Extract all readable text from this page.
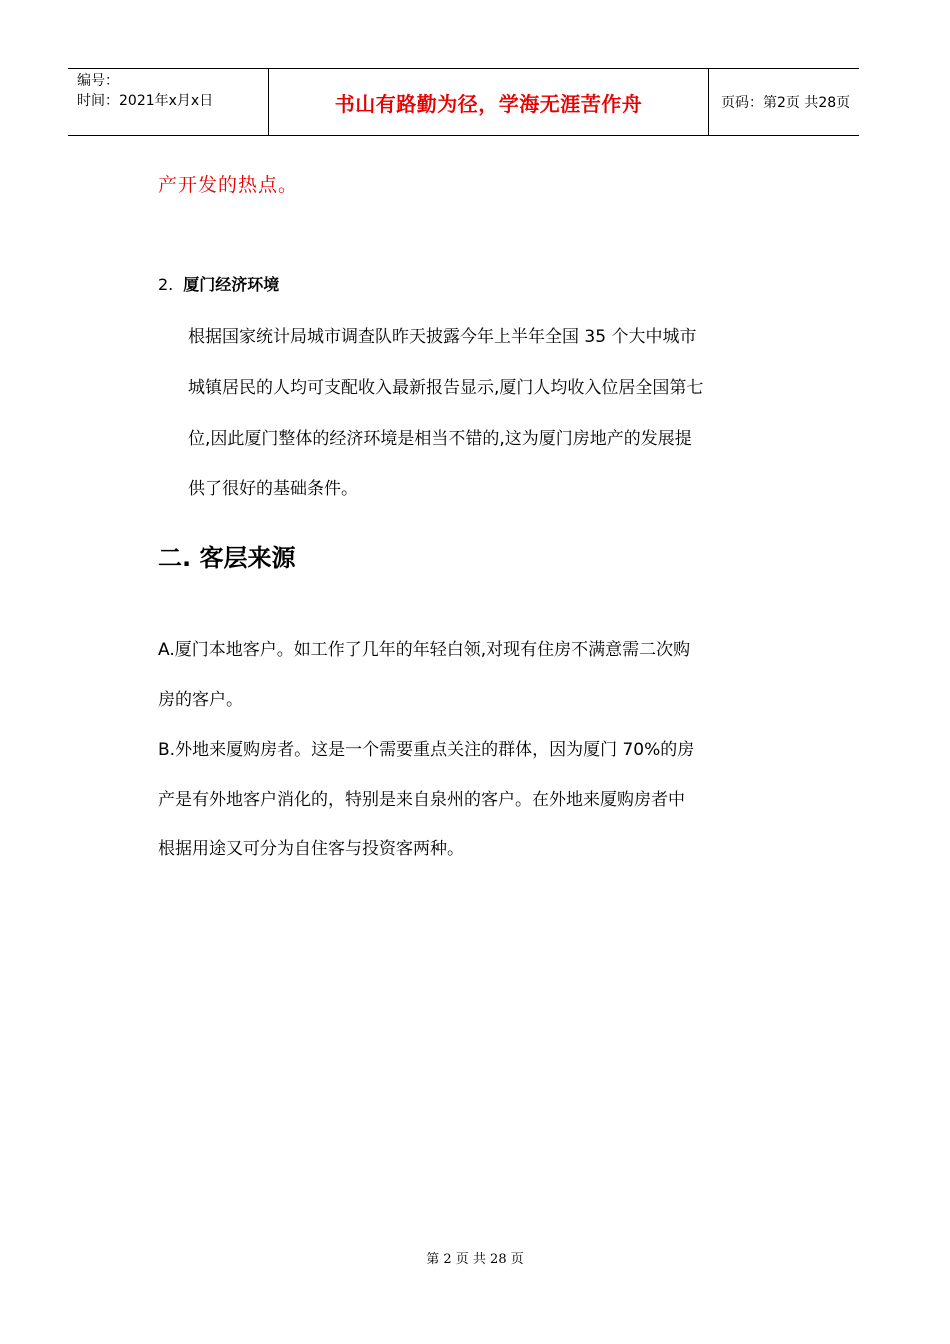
编号：
时间：2021年x月x日	书山有路勤为径，学海无涯苦作舟	页码：第2页 共28页
产开发的热点。
2. 厦门经济环境
根据国家统计局城市调查队昨天披露今年上半年全国 35 个大中城市
城镇居民的人均可支配收入最新报告显示,厦门人均收入位居全国第七
位,因此厦门整体的经济环境是相当不错的,这为厦门房地产的发展提
供了很好的基础条件。
二. 客层来源
A.厦门本地客户。如工作了几年的年轻白领,对现有住房不满意需二次购
房的客户。
B.外地来厦购房者。这是一个需要重点关注的群体，因为厦门 70%的房
产是有外地客户消化的，特别是来自泉州的客户。在外地来厦购房者中
根据用途又可分为自住客与投资客两种。
第 2 页 共 28 页
